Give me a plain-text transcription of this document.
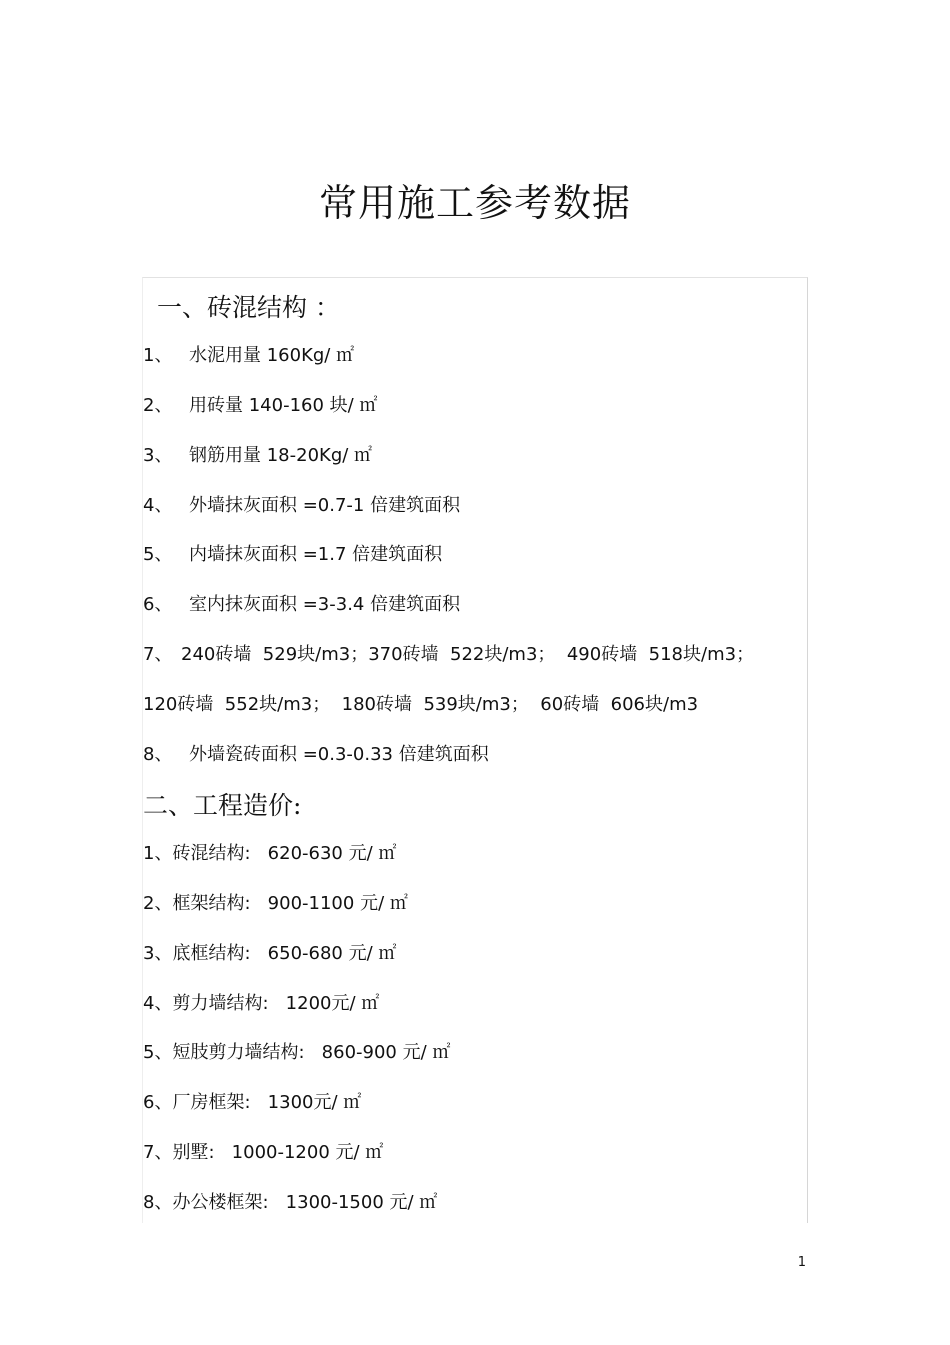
常用施工参考数据
一、砖混结构 ：
1、 水泥用量 160Kg/ ㎡
2、 用砖量 140-160 块/ ㎡
3、 钢筋用量 18-20Kg/ ㎡
4、 外墙抹灰面积 =0.7-1 倍建筑面积
5、 内墙抹灰面积 =1.7 倍建筑面积
6、 室内抹灰面积 =3-3.4 倍建筑面积
7、 240砖墙  529块/m3；370砖墙  522块/m3；  490砖墙  518块/m3；
120砖墙  552块/m3；  180砖墙  539块/m3；  60砖墙  606块/m3
8、 外墙瓷砖面积 =0.3-0.33 倍建筑面积
二、工程造价:
1、砖混结构:   620-630 元/ ㎡
2、框架结构:   900-1100 元/ ㎡
3、底框结构:   650-680 元/ ㎡
4、剪力墙结构:   1200元/ ㎡
5、短肢剪力墙结构:   860-900 元/ ㎡
6、厂房框架:   1300元/ ㎡
7、别墅:   1000-1200 元/ ㎡
8、办公楼框架:   1300-1500 元/ ㎡
1
